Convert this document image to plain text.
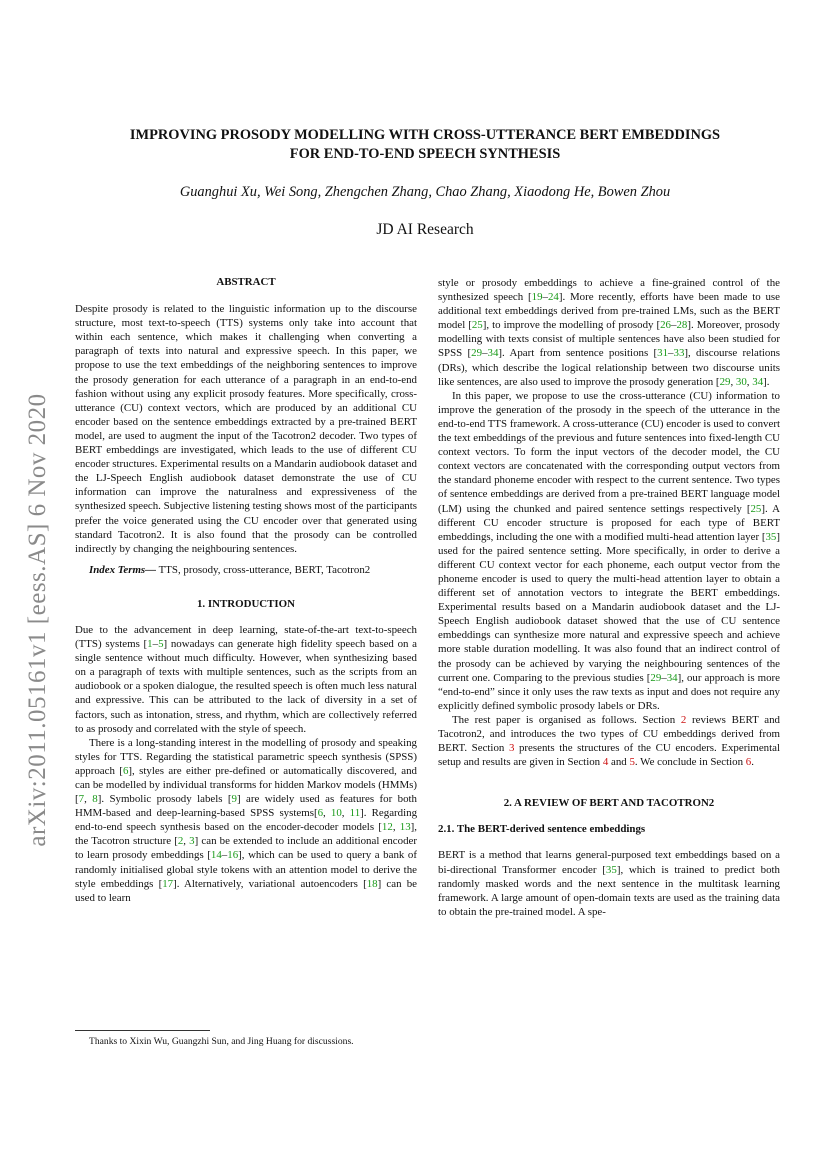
arXiv:2011.05161v1 [eess.AS] 6 Nov 2020
IMPROVING PROSODY MODELLING WITH CROSS-UTTERANCE BERT EMBEDDINGS
FOR END-TO-END SPEECH SYNTHESIS
Guanghui Xu, Wei Song, Zhengchen Zhang, Chao Zhang, Xiaodong He, Bowen Zhou
JD AI Research
ABSTRACT

Despite prosody is related to the linguistic information up to the discourse structure, most text-to-speech (TTS) systems only take into account that within each sentence, which makes it challenging when converting a paragraph of texts into natural and expressive speech. In this paper, we propose to use the text embeddings of the neighboring sentences to improve the prosody generation for each utterance of a paragraph in an end-to-end fashion without using any explicit prosody features. More specifically, cross-utterance (CU) context vectors, which are produced by an additional CU encoder based on the sentence embeddings extracted by a pre-trained BERT model, are used to augment the input of the Tacotron2 decoder. Two types of BERT embeddings are investigated, which leads to the use of different CU encoder structures. Experimental results on a Mandarin audiobook dataset and the LJ-Speech English audiobook dataset demonstrate the use of CU information can improve the naturalness and expressiveness of the synthesized speech. Subjective listening testing shows most of the participants prefer the voice generated using the CU encoder over that generated using standard Tacotron2. It is also found that the prosody can be controlled indirectly by changing the neighbouring sentences.

Index Terms— TTS, prosody, cross-utterance, BERT, Tacotron2

1. INTRODUCTION

Due to the advancement in deep learning, state-of-the-art text-to-speech (TTS) systems [1–5] nowadays can generate high fidelity speech based on a single sentence without much difficulty. However, when synthesizing based on a paragraph of texts with multiple sentences, such as the scripts from an audiobook or a spoken dialogue, the resulted speech is often much less natural and expressive. This can be attributed to the lack of diversity in a set of factors, such as intonation, stress, and rhythm, which are collectively referred to as prosody and correlated with the style of speech.

There is a long-standing interest in the modelling of prosody and speaking styles for TTS. Regarding the statistical parametric speech synthesis (SPSS) approach [6], styles are either pre-defined or automatically discovered, and can be modelled by individual transforms for hidden Markov models (HMMs)[7, 8]. Symbolic prosody labels [9] are widely used as features for both HMM-based and deep-learning-based SPSS systems[6, 10, 11]. Regarding end-to-end speech synthesis based on the encoder-decoder models [12, 13], the Tacotron structure [2, 3] can be extended to include an additional encoder to learn prosody embeddings [14–16], which can be used to query a bank of randomly initialised global style tokens with an attention model to derive the style embeddings [17]. Alternatively, variational autoencoders [18] can be used to learn

Thanks to Xixin Wu, Guangzhi Sun, and Jing Huang for discussions.

style or prosody embeddings to achieve a fine-grained control of the synthesized speech [19–24]. More recently, efforts have been made to use additional text embeddings derived from pre-trained LMs, such as the BERT model [25], to improve the modelling of prosody [26–28]. Moreover, prosody modelling with texts consist of multiple sentences have also been studied for SPSS [29–34]. Apart from sentence positions [31–33], discourse relations (DRs), which describe the logical relationship between two discourse units like sentences, are also used to improve the prosody generation [29, 30, 34].

In this paper, we propose to use the cross-utterance (CU) information to improve the generation of the prosody in the speech of the utterance in the end-to-end TTS framework. A cross-utterance (CU) encoder is used to convert the text embeddings of the previous and future sentences into fixed-length CU context vectors. To form the input vectors of the decoder model, the CU context vectors are concatenated with the corresponding output vectors from the standard phoneme encoder with respect to the current sentence. Two types of sentence embeddings are derived from a pre-trained BERT language model (LM) using the chunked and paired sentence settings respectively [25]. A different CU encoder structure is proposed for each type of BERT embeddings, including the one with a modified multi-head attention layer [35] used for the paired sentence setting. More specifically, in order to derive a different CU context vector for each phoneme, each output vector from the phoneme encoder is used to query the multi-head attention layer to obtain a different set of annotation vectors to integrate the BERT embeddings. Experimental results based on a Mandarin audiobook dataset and the LJ-Speech English audiobook dataset showed that the use of CU sentence embeddings can synthesize more natural and expressive speech and achieve more stable duration modelling. It was also found that an indirect control of the prosody can be achieved by varying the neighbouring sentences of the current one. Comparing to the previous studies [29–34], our approach is more “end-to-end” since it only uses the raw texts as input and does not require any explicitly defined symbolic prosody labels or DRs.

The rest paper is organised as follows. Section 2 reviews BERT and Tacotron2, and introduces the two types of CU embeddings derived from BERT. Section 3 presents the structures of the CU encoders. Experimental setup and results are given in Section 4 and 5. We conclude in Section 6.

2. A REVIEW OF BERT AND TACOTRON2
2.1. The BERT-derived sentence embeddings

BERT is a method that learns general-purposed text embeddings based on a bi-directional Transformer encoder [35], which is trained to predict both randomly masked words and the next sentence in the multitask learning framework. A large amount of open-domain texts are used as the training data to obtain the pre-trained model. A spe-
